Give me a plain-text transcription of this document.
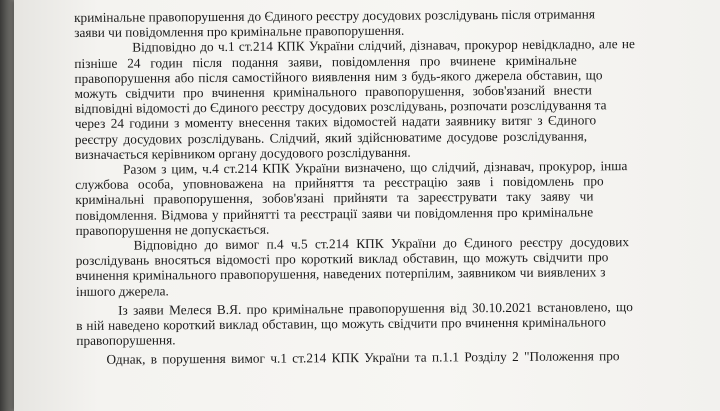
кримінальне правопорушення до Єдиного реєстру досудових розслідувань після отримання
заяви чи повідомлення про кримінальне правопорушення.

Відповідно до ч.1 ст.214 КПК України слідчий, дізнавач, прокурор невідкладно, але не
пізніше 24 годин після подання заяви, повідомлення про вчинене кримінальне
правопорушення або після самостійного виявлення ним з будь-якого джерела обставин, що
можуть свідчити про вчинення кримінального правопорушення, зобов'язаний внести
відповідні відомості до Єдиного реєстру досудових розслідувань, розпочати розслідування та
через 24 години з моменту внесення таких відомостей надати заявнику витяг з Єдиного
реєстру досудових розслідувань. Слідчий, який здійснюватиме досудове розслідування,
визначається керівником органу досудового розслідування.

Разом з цим, ч.4 ст.214 КПК України визначено, що слідчий, дізнавач, прокурор, інша
службова особа, уповноважена на прийняття та реєстрацію заяв і повідомлень про
кримінальні правопорушення, зобов'язані прийняти та зареєструвати таку заяву чи
повідомлення. Відмова у прийнятті та реєстрації заяви чи повідомлення про кримінальне
правопорушення не допускається.

Відповідно до вимог п.4 ч.5 ст.214 КПК України до Єдиного реєстру досудових
розслідувань вносяться відомості про короткий виклад обставин, що можуть свідчити про
вчинення кримінального правопорушення, наведених потерпілим, заявником чи виявлених з
іншого джерела.

Із заяви Мелеся В.Я. про кримінальне правопорушення від 30.10.2021 встановлено, що
в ній наведено короткий виклад обставин, що можуть свідчити про вчинення кримінального
правопорушення.

Однак, в порушення вимог ч.1 ст.214 КПК України та п.1.1 Розділу 2 "Положення про
